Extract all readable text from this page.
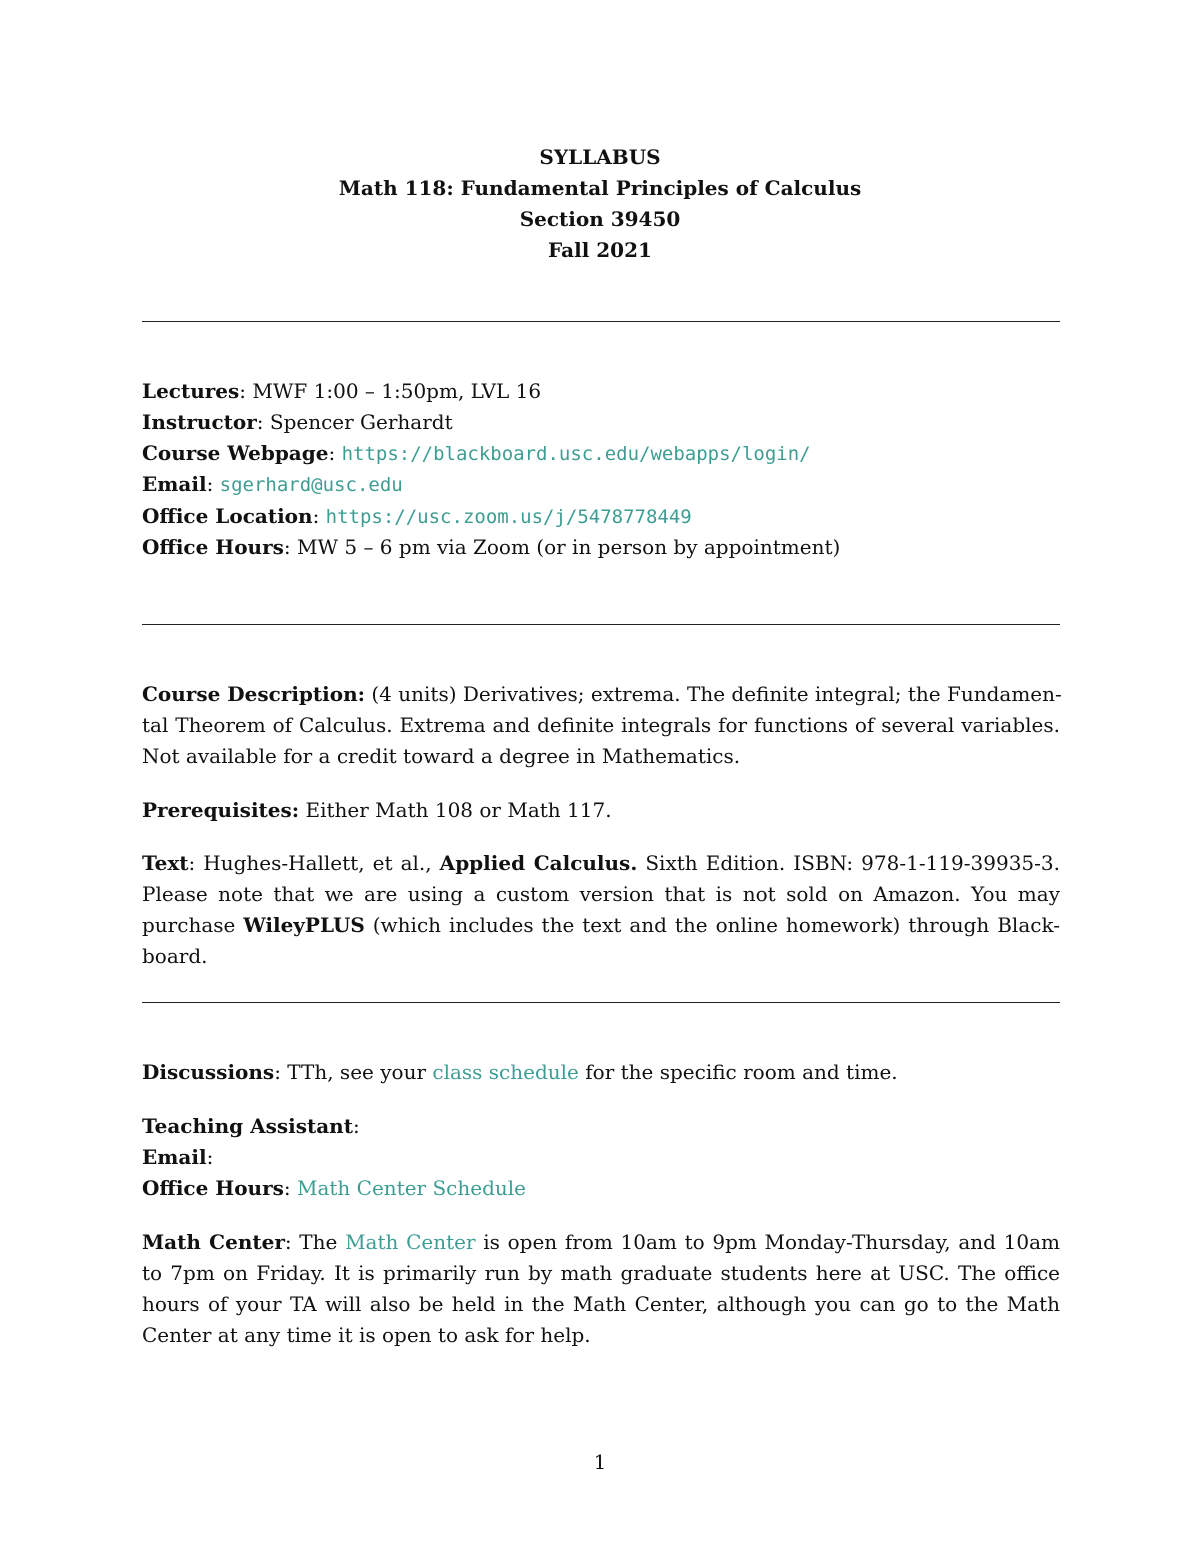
SYLLABUS
Math 118: Fundamental Principles of Calculus
Section 39450
Fall 2021
Lectures: MWF 1:00 – 1:50pm, LVL 16
Instructor: Spencer Gerhardt
Course Webpage: https://blackboard.usc.edu/webapps/login/
Email: sgerhard@usc.edu
Office Location: https://usc.zoom.us/j/5478778449
Office Hours: MW 5 – 6 pm via Zoom (or in person by appointment)
Course Description: (4 units) Derivatives; extrema. The definite integral; the Fundamen-
tal Theorem of Calculus. Extrema and definite integrals for functions of several variables.
Not available for a credit toward a degree in Mathematics.
Prerequisites: Either Math 108 or Math 117.
Text: Hughes-Hallett, et al., Applied Calculus. Sixth Edition. ISBN: 978-1-119-39935-3.
Please note that we are using a custom version that is not sold on Amazon. You may
purchase WileyPLUS (which includes the text and the online homework) through Black-
board.
Discussions: TTh, see your class schedule for the specific room and time.
Teaching Assistant:
Email:
Office Hours: Math Center Schedule
Math Center: The Math Center is open from 10am to 9pm Monday-Thursday, and 10am
to 7pm on Friday. It is primarily run by math graduate students here at USC. The office
hours of your TA will also be held in the Math Center, although you can go to the Math
Center at any time it is open to ask for help.
1
